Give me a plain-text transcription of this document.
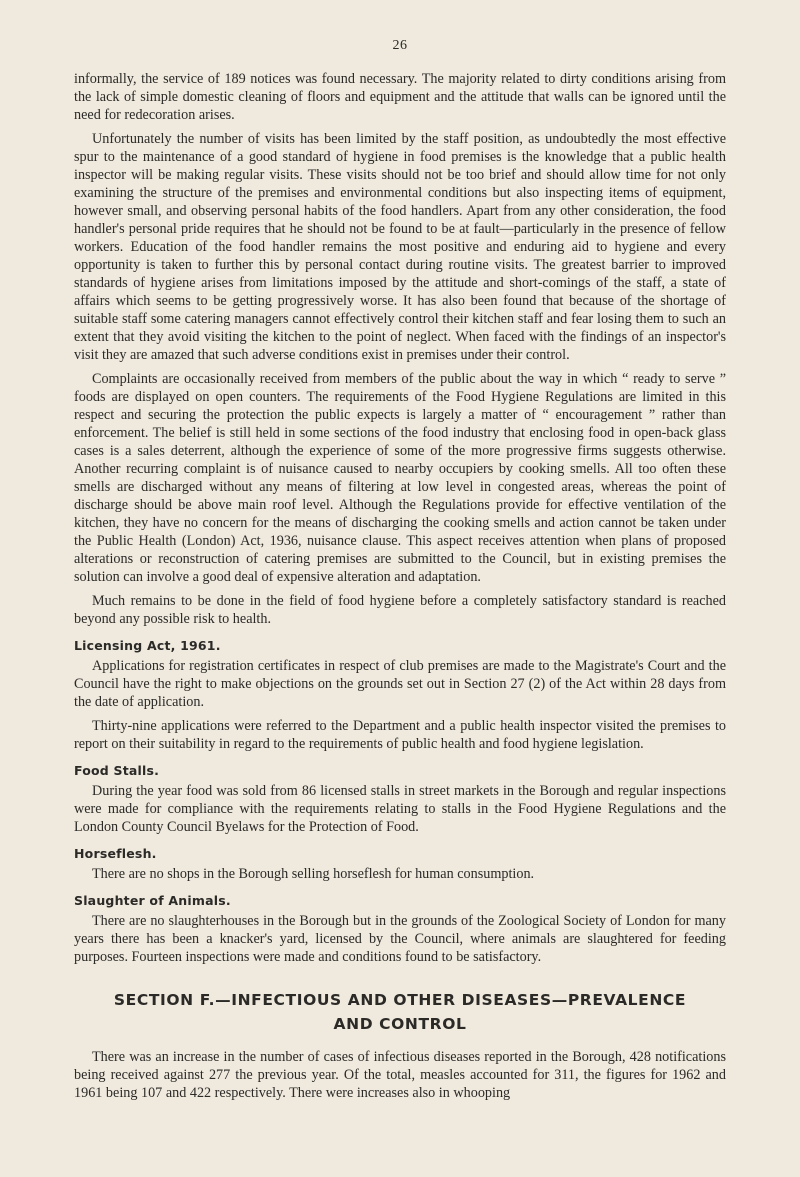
26

informally, the service of 189 notices was found necessary. The majority related to dirty conditions arising from the lack of simple domestic cleaning of floors and equipment and the attitude that walls can be ignored until the need for redecoration arises.

Unfortunately the number of visits has been limited by the staff position, as undoubtedly the most effective spur to the maintenance of a good standard of hygiene in food premises is the knowledge that a public health inspector will be making regular visits. These visits should not be too brief and should allow time for not only examining the structure of the premises and environmental conditions but also inspecting items of equipment, however small, and observing personal habits of the food handlers. Apart from any other consideration, the food handler's personal pride requires that he should not be found to be at fault—particularly in the presence of fellow workers. Education of the food handler remains the most positive and enduring aid to hygiene and every opportunity is taken to further this by personal contact during routine visits. The greatest barrier to improved standards of hygiene arises from limitations imposed by the attitude and short-comings of the staff, a state of affairs which seems to be getting progressively worse. It has also been found that because of the shortage of suitable staff some catering managers cannot effectively control their kitchen staff and fear losing them to such an extent that they avoid visiting the kitchen to the point of neglect. When faced with the findings of an inspector's visit they are amazed that such adverse conditions exist in premises under their control.

Complaints are occasionally received from members of the public about the way in which “ ready to serve ” foods are displayed on open counters. The requirements of the Food Hygiene Regulations are limited in this respect and securing the protection the public expects is largely a matter of “ encouragement ” rather than enforcement. The belief is still held in some sections of the food industry that enclosing food in open-back glass cases is a sales deterrent, although the experience of some of the more progressive firms suggests otherwise. Another recurring complaint is of nuisance caused to nearby occupiers by cooking smells. All too often these smells are discharged without any means of filtering at low level in congested areas, whereas the point of discharge should be above main roof level. Although the Regulations provide for effective ventilation of the kitchen, they have no concern for the means of discharging the cooking smells and action cannot be taken under the Public Health (London) Act, 1936, nuisance clause. This aspect receives attention when plans of proposed alterations or reconstruction of catering premises are submitted to the Council, but in existing premises the solution can involve a good deal of expensive alteration and adaptation.

Much remains to be done in the field of food hygiene before a completely satisfactory standard is reached beyond any possible risk to health.

Licensing Act, 1961.

Applications for registration certificates in respect of club premises are made to the Magistrate's Court and the Council have the right to make objections on the grounds set out in Section 27 (2) of the Act within 28 days from the date of application.

Thirty-nine applications were referred to the Department and a public health inspector visited the premises to report on their suitability in regard to the requirements of public health and food hygiene legislation.

Food Stalls.

During the year food was sold from 86 licensed stalls in street markets in the Borough and regular inspections were made for compliance with the requirements relating to stalls in the Food Hygiene Regulations and the London County Council Byelaws for the Protection of Food.

Horseflesh.

There are no shops in the Borough selling horseflesh for human consumption.

Slaughter of Animals.

There are no slaughterhouses in the Borough but in the grounds of the Zoological Society of London for many years there has been a knacker's yard, licensed by the Council, where animals are slaughtered for feeding purposes. Fourteen inspections were made and conditions found to be satisfactory.

SECTION F.—INFECTIOUS AND OTHER DISEASES—PREVALENCE
AND CONTROL

There was an increase in the number of cases of infectious diseases reported in the Borough, 428 notifications being received against 277 the previous year. Of the total, measles accounted for 311, the figures for 1962 and 1961 being 107 and 422 respectively. There were increases also in whooping
